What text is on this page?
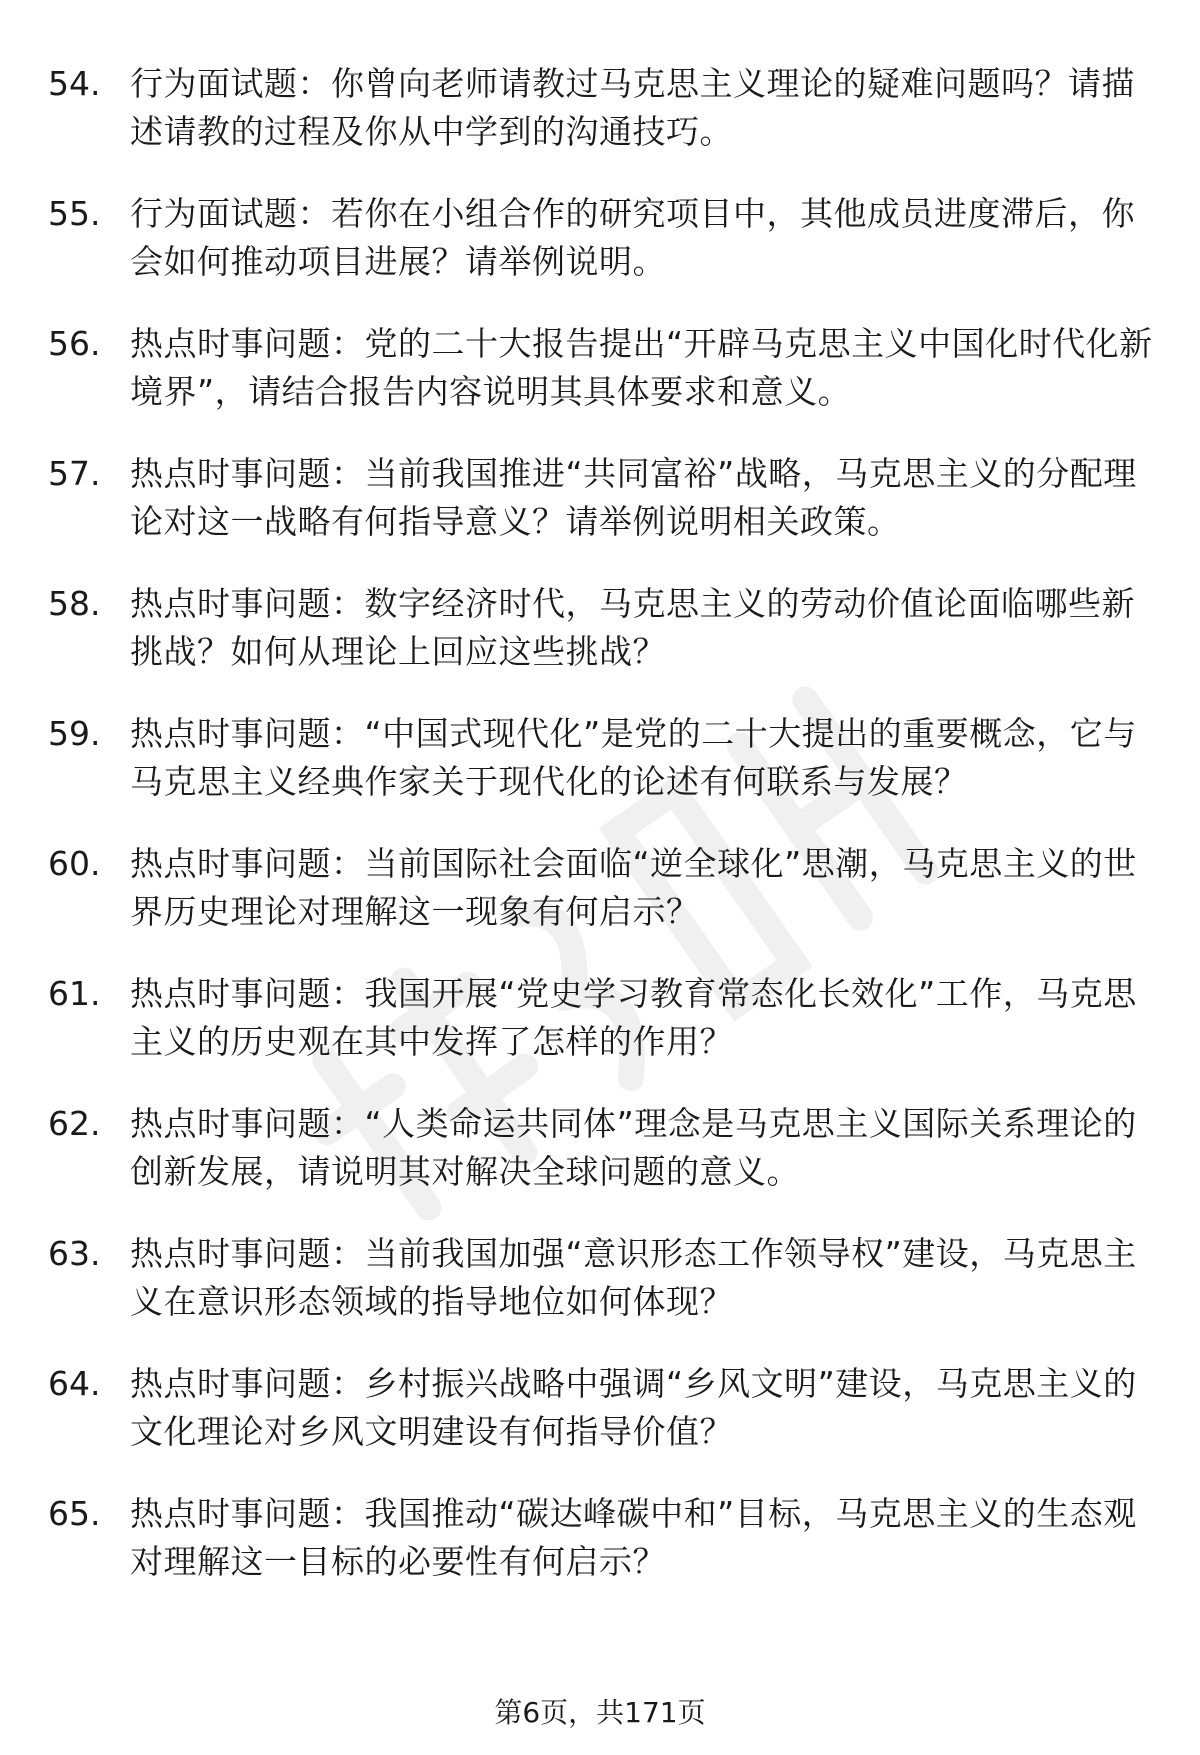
54. 行为面试题：你曾向老师请教过马克思主义理论的疑难问题吗？请描述请教的过程及你从中学到的沟通技巧。
55. 行为面试题：若你在小组合作的研究项目中，其他成员进度滞后，你会如何推动项目进展？请举例说明。
56. 热点时事问题：党的二十大报告提出“开辟马克思主义中国化时代化新境界”，请结合报告内容说明其具体要求和意义。
57. 热点时事问题：当前我国推进“共同富裕”战略，马克思主义的分配理论对这一战略有何指导意义？请举例说明相关政策。
58. 热点时事问题：数字经济时代，马克思主义的劳动价值论面临哪些新挑战？如何从理论上回应这些挑战？
59. 热点时事问题：“中国式现代化”是党的二十大提出的重要概念，它与马克思主义经典作家关于现代化的论述有何联系与发展？
60. 热点时事问题：当前国际社会面临“逆全球化”思潮，马克思主义的世界历史理论对理解这一现象有何启示？
61. 热点时事问题：我国开展“党史学习教育常态化长效化”工作，马克思主义的历史观在其中发挥了怎样的作用？
62. 热点时事问题：“人类命运共同体”理念是马克思主义国际关系理论的创新发展，请说明其对解决全球问题的意义。
63. 热点时事问题：当前我国加强“意识形态工作领导权”建设，马克思主义在意识形态领域的指导地位如何体现？
64. 热点时事问题：乡村振兴战略中强调“乡风文明”建设，马克思主义的文化理论对乡风文明建设有何指导价值？
65. 热点时事问题：我国推动“碳达峰碳中和”目标，马克思主义的生态观对理解这一目标的必要性有何启示？
第6页，共171页
